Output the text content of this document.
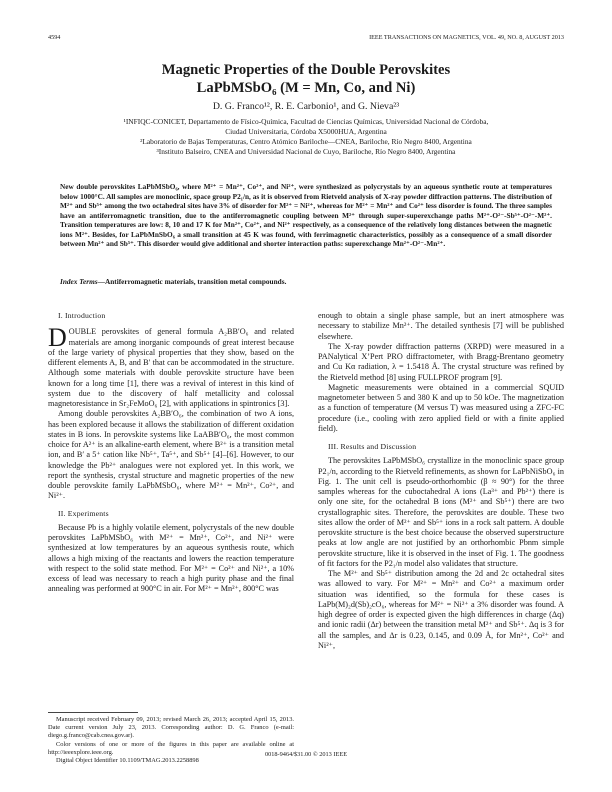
4594	IEEE TRANSACTIONS ON MAGNETICS, VOL. 49, NO. 8, AUGUST 2013
Magnetic Properties of the Double Perovskites
LaPbMSbO₆ (M = Mn, Co, and Ni)
D. G. Franco¹², R. E. Carbonio¹, and G. Nieva²³
¹INFIQC-CONICET, Departamento de Físico-Química, Facultad de Ciencias Químicas, Universidad Nacional de Córdoba,
Ciudad Universitaria, Córdoba X5000HUA, Argentina
²Laboratorio de Bajas Temperaturas, Centro Atómico Bariloche—CNEA, Bariloche, Río Negro 8400, Argentina
³Instituto Balseiro, CNEA and Universidad Nacional de Cuyo, Bariloche, Río Negro 8400, Argentina

New double perovskites LaPbMSbO₆, where M²⁺ = Mn²⁺, Co²⁺, and Ni²⁺, were synthesized as polycrystals by an aqueous synthetic route at temperatures below 1000°C. All samples are monoclinic, space group P2₁/n, as it is observed from Rietveld analysis of X-ray powder diffraction patterns. The distribution of M²⁺ and Sb⁵⁺ among the two octahedral sites have 3% of disorder for M²⁺ = Ni²⁺, whereas for M²⁺ = Mn²⁺ and Co²⁺ less disorder is found. The three samples have an antiferromagnetic transition, due to the antiferromagnetic coupling between M²⁺ through super-superexchange paths M²⁺-O²⁻-Sb⁵⁺-O²⁻-M²⁺. Transition temperatures are low: 8, 10 and 17 K for Mn²⁺, Co²⁺, and Ni²⁺ respectively, as a consequence of the relatively long distances between the magnetic ions M²⁺. Besides, for LaPbMnSbO₆ a small transition at 45 K was found, with ferrimagnetic characteristics, possibly as a consequence of a small disorder between Mn²⁺ and Sb⁵⁺. This disorder would give additional and shorter interaction paths: superexchange Mn²⁺-O²⁻-Mn²⁺.

Index Terms—Antiferromagnetic materials, transition metal compounds.

I. Introduction

DOUBLE perovskites of general formula A₂BB′O₆ and related materials are among inorganic compounds of great interest because of the large variety of physical properties that they show, based on the different elements A, B, and B′ that can be accommodated in the structure. Although some materials with double perovskite structure have been known for a long time [1], there was a revival of interest in this kind of system due to the discovery of half metallicity and colossal magnetoresistance in Sr₂FeMoO₆ [2], with applications in spintronics [3].

Among double perovskites A₂BB′O₆, the combination of two A ions, has been explored because it allows the stabilization of different oxidation states in B ions. In perovskite systems like LaABB′O₆, the most common choice for A²⁺ is an alkaline-earth element, where B²⁺ is a transition metal ion, and B′ a 5⁺ cation like Nb⁵⁺, Ta⁵⁺, and Sb⁵⁺ [4]–[6]. However, to our knowledge the Pb²⁺ analogues were not explored yet. In this work, we report the synthesis, crystal structure and magnetic properties of the new double perovskite family LaPbMSbO₆, where M²⁺ = Mn²⁺, Co²⁺, and Ni²⁺.

II. Experiments

Because Pb is a highly volatile element, polycrystals of the new double perovskites LaPbMSbO₆ with M²⁺ = Mn²⁺, Co²⁺, and Ni²⁺ were synthesized at low temperatures by an aqueous synthesis route, which allows a high mixing of the reactants and lowers the reaction temperature with respect to the solid state method. For M²⁺ = Co²⁺ and Ni²⁺, a 10% excess of lead was necessary to reach a high purity phase and the final annealing was performed at 900°C in air. For M²⁺ = Mn²⁺, 800°C was

Manuscript received February 09, 2013; revised March 26, 2013; accepted April 15, 2013. Date current version July 23, 2013. Corresponding author: D. G. Franco (e-mail: diego.g.franco@cab.cnea.gov.ar).

Color versions of one or more of the figures in this paper are available online at http://ieeexplore.ieee.org.

Digital Object Identifier 10.1109/TMAG.2013.2258898

enough to obtain a single phase sample, but an inert atmosphere was necessary to stabilize Mn²⁺. The detailed synthesis [7] will be published elsewhere.

The X-ray powder diffraction patterns (XRPD) were measured in a PANalytical X’Pert PRO diffractometer, with Bragg-Brentano geometry and Cu Kα radiation, λ = 1.5418 Å. The crystal structure was refined by the Rietveld method [8] using FULLPROF program [9].

Magnetic measurements were obtained in a commercial SQUID magnetometer between 5 and 380 K and up to 50 kOe. The magnetization as a function of temperature (M versus T) was measured using a ZFC-FC procedure (i.e., cooling with zero applied field or with a finite applied field).

III. Results and Discussion

The perovskites LaPbMSbO₆ crystallize in the monoclinic space group P2₁/n, according to the Rietveld refinements, as shown for LaPbNiSbO₆ in Fig. 1. The unit cell is pseudo-orthorhombic (β ≈ 90°) for the three samples whereas for the cuboctahedral A ions (La³⁺ and Pb²⁺) there is only one site, for the octahedral B ions (M²⁺ and Sb⁵⁺) there are two crystallographic sites. Therefore, the perovskites are double. These two sites allow the order of M²⁺ and Sb⁵⁺ ions in a rock salt pattern. A double perovskite structure is the best choice because the observed superstructure peaks at low angle are not justified by an orthorhombic Pbnm simple perovskite structure, like it is observed in the inset of Fig. 1. The goodness of fit factors for the P2₁/n model also validates that structure.

The M²⁺ and Sb⁵⁺ distribution among the 2d and 2c octahedral sites was allowed to vary. For M²⁺ = Mn²⁺ and Co²⁺ a maximum order situation was identified, so the formula for these cases is LaPb(M)₂d(Sb)₂cO₆, whereas for M²⁺ = Ni²⁺ a 3% disorder was found. A high degree of order is expected given the high differences in charge (Δq) and ionic radii (Δr) between the transition metal M²⁺ and Sb⁵⁺. Δq is 3 for all the samples, and Δr is 0.23, 0.145, and 0.09 Å, for Mn²⁺, Co²⁺ and Ni²⁺,

0018-9464/$31.00 © 2013 IEEE
